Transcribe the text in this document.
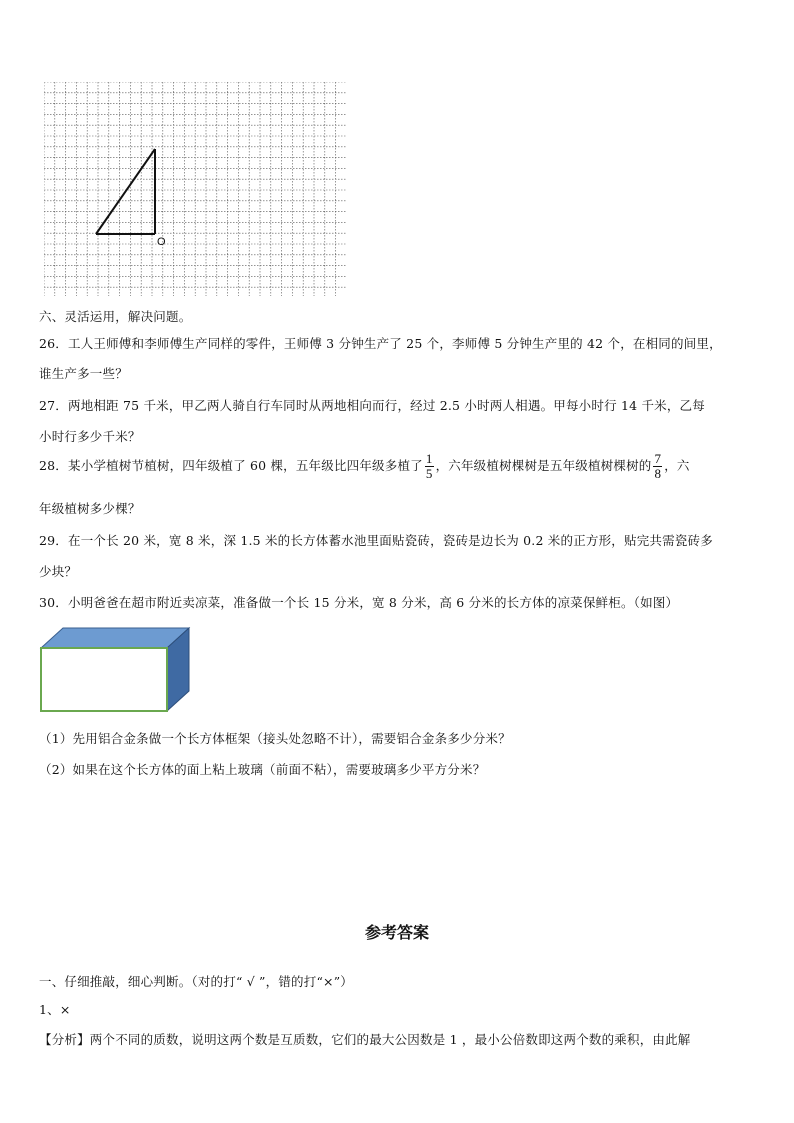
O
六、灵活运用，解决问题。
26．工人王师傅和李师傅生产同样的零件，王师傅 3 分钟生产了 25 个，李师傅 5 分钟生产里的 42 个，在相同的间里，
谁生产多一些？
27．两地相距 75 千米，甲乙两人骑自行车同时从两地相向而行，经过 2.5 小时两人相遇。甲每小时行 14 千米，乙每
小时行多少千米？
28．某小学植树节植树，四年级植了 60 棵，五年级比四年级多植了 $\frac{1}{5}$ ，六年级植树棵树是五年级植树棵树的 $\frac{7}{8}$ ，六
年级植树多少棵？
29．在一个长 20 米，宽 8 米，深 1.5 米的长方体蓄水池里面贴瓷砖，瓷砖是边长为 0.2 米的正方形，贴完共需瓷砖多
少块？
30．小明爸爸在超市附近卖凉菜，准备做一个长 15 分米，宽 8 分米，高 6 分米的长方体的凉菜保鲜柜。（如图）
（1）先用铝合金条做一个长方体框架（接头处忽略不计），需要铝合金条多少分米？
（2）如果在这个长方体的面上粘上玻璃（前面不粘），需要玻璃多少平方分米？
参考答案
一、仔细推敲，细心判断。（对的打“ √ ”，错的打“×”）
1、×
【分析】两个不同的质数，说明这两个数是互质数，它们的最大公因数是 1 ，最小公倍数即这两个数的乘积，由此解
